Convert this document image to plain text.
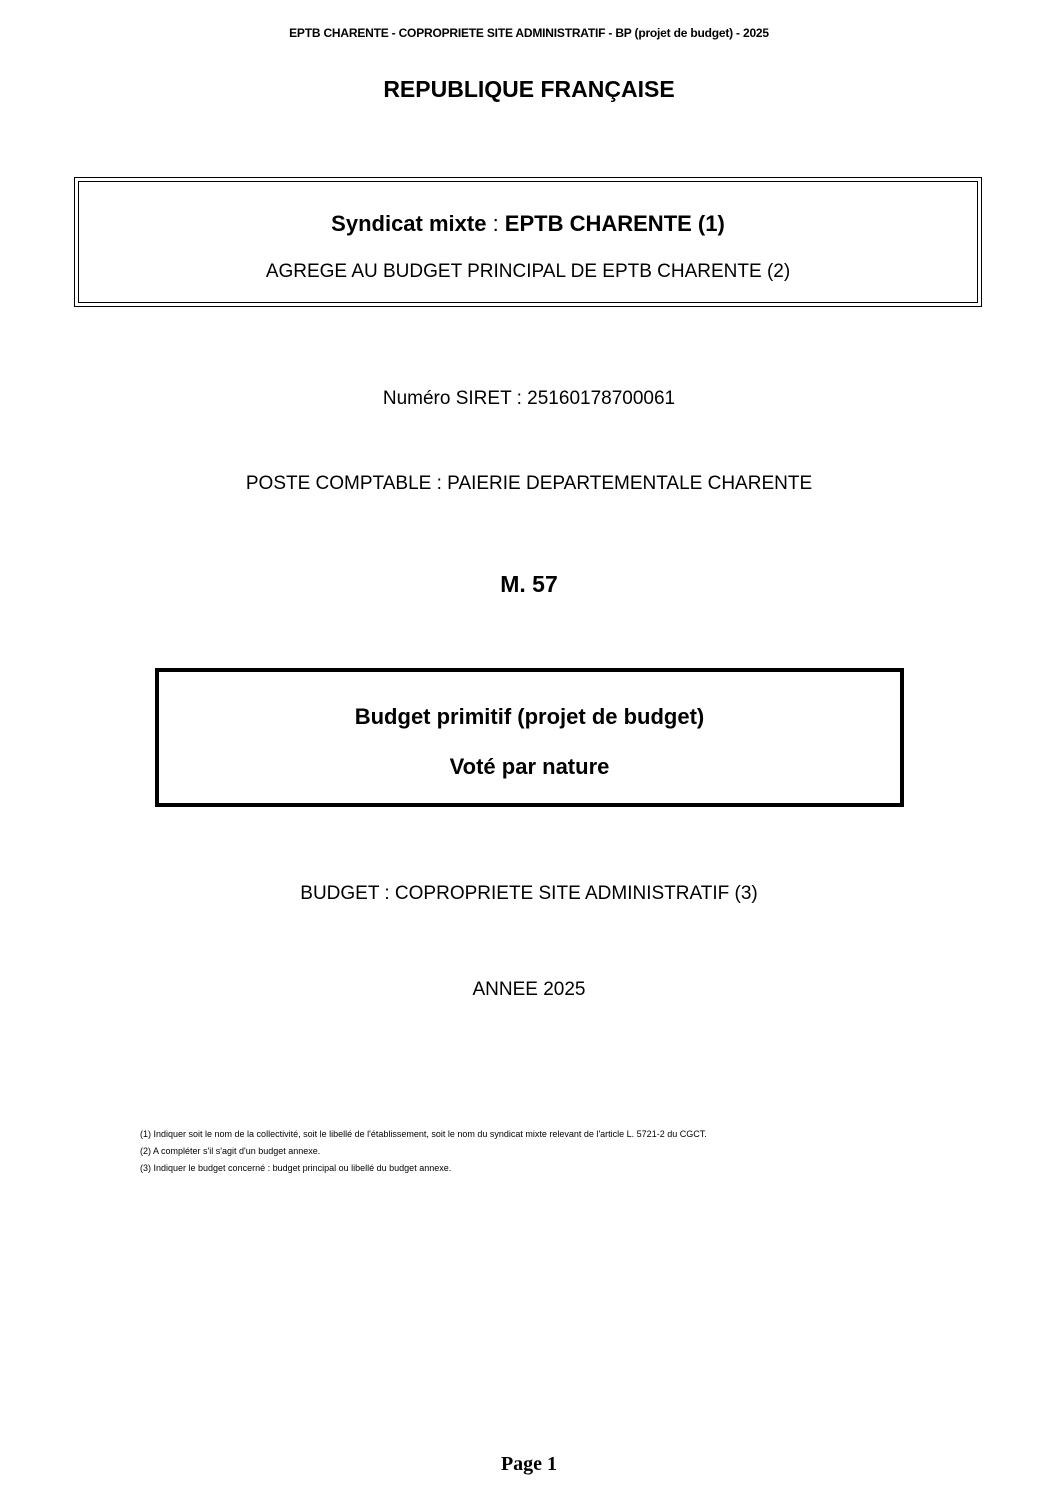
EPTB CHARENTE - COPROPRIETE SITE ADMINISTRATIF - BP (projet de budget) - 2025
REPUBLIQUE FRANÇAISE
Syndicat mixte : EPTB CHARENTE (1)
AGREGE AU BUDGET PRINCIPAL DE EPTB CHARENTE (2)
Numéro SIRET : 25160178700061
POSTE COMPTABLE : PAIERIE DEPARTEMENTALE CHARENTE
M. 57
Budget primitif (projet de budget)
Voté par nature
BUDGET : COPROPRIETE SITE ADMINISTRATIF (3)
ANNEE 2025
(1) Indiquer soit le nom de la collectivité, soit le libellé de l'établissement, soit le nom du syndicat mixte relevant de l'article L. 5721-2 du CGCT.
(2) A compléter s'il s'agit d'un budget annexe.
(3) Indiquer le budget concerné : budget principal ou libellé du budget annexe.
Page 1
